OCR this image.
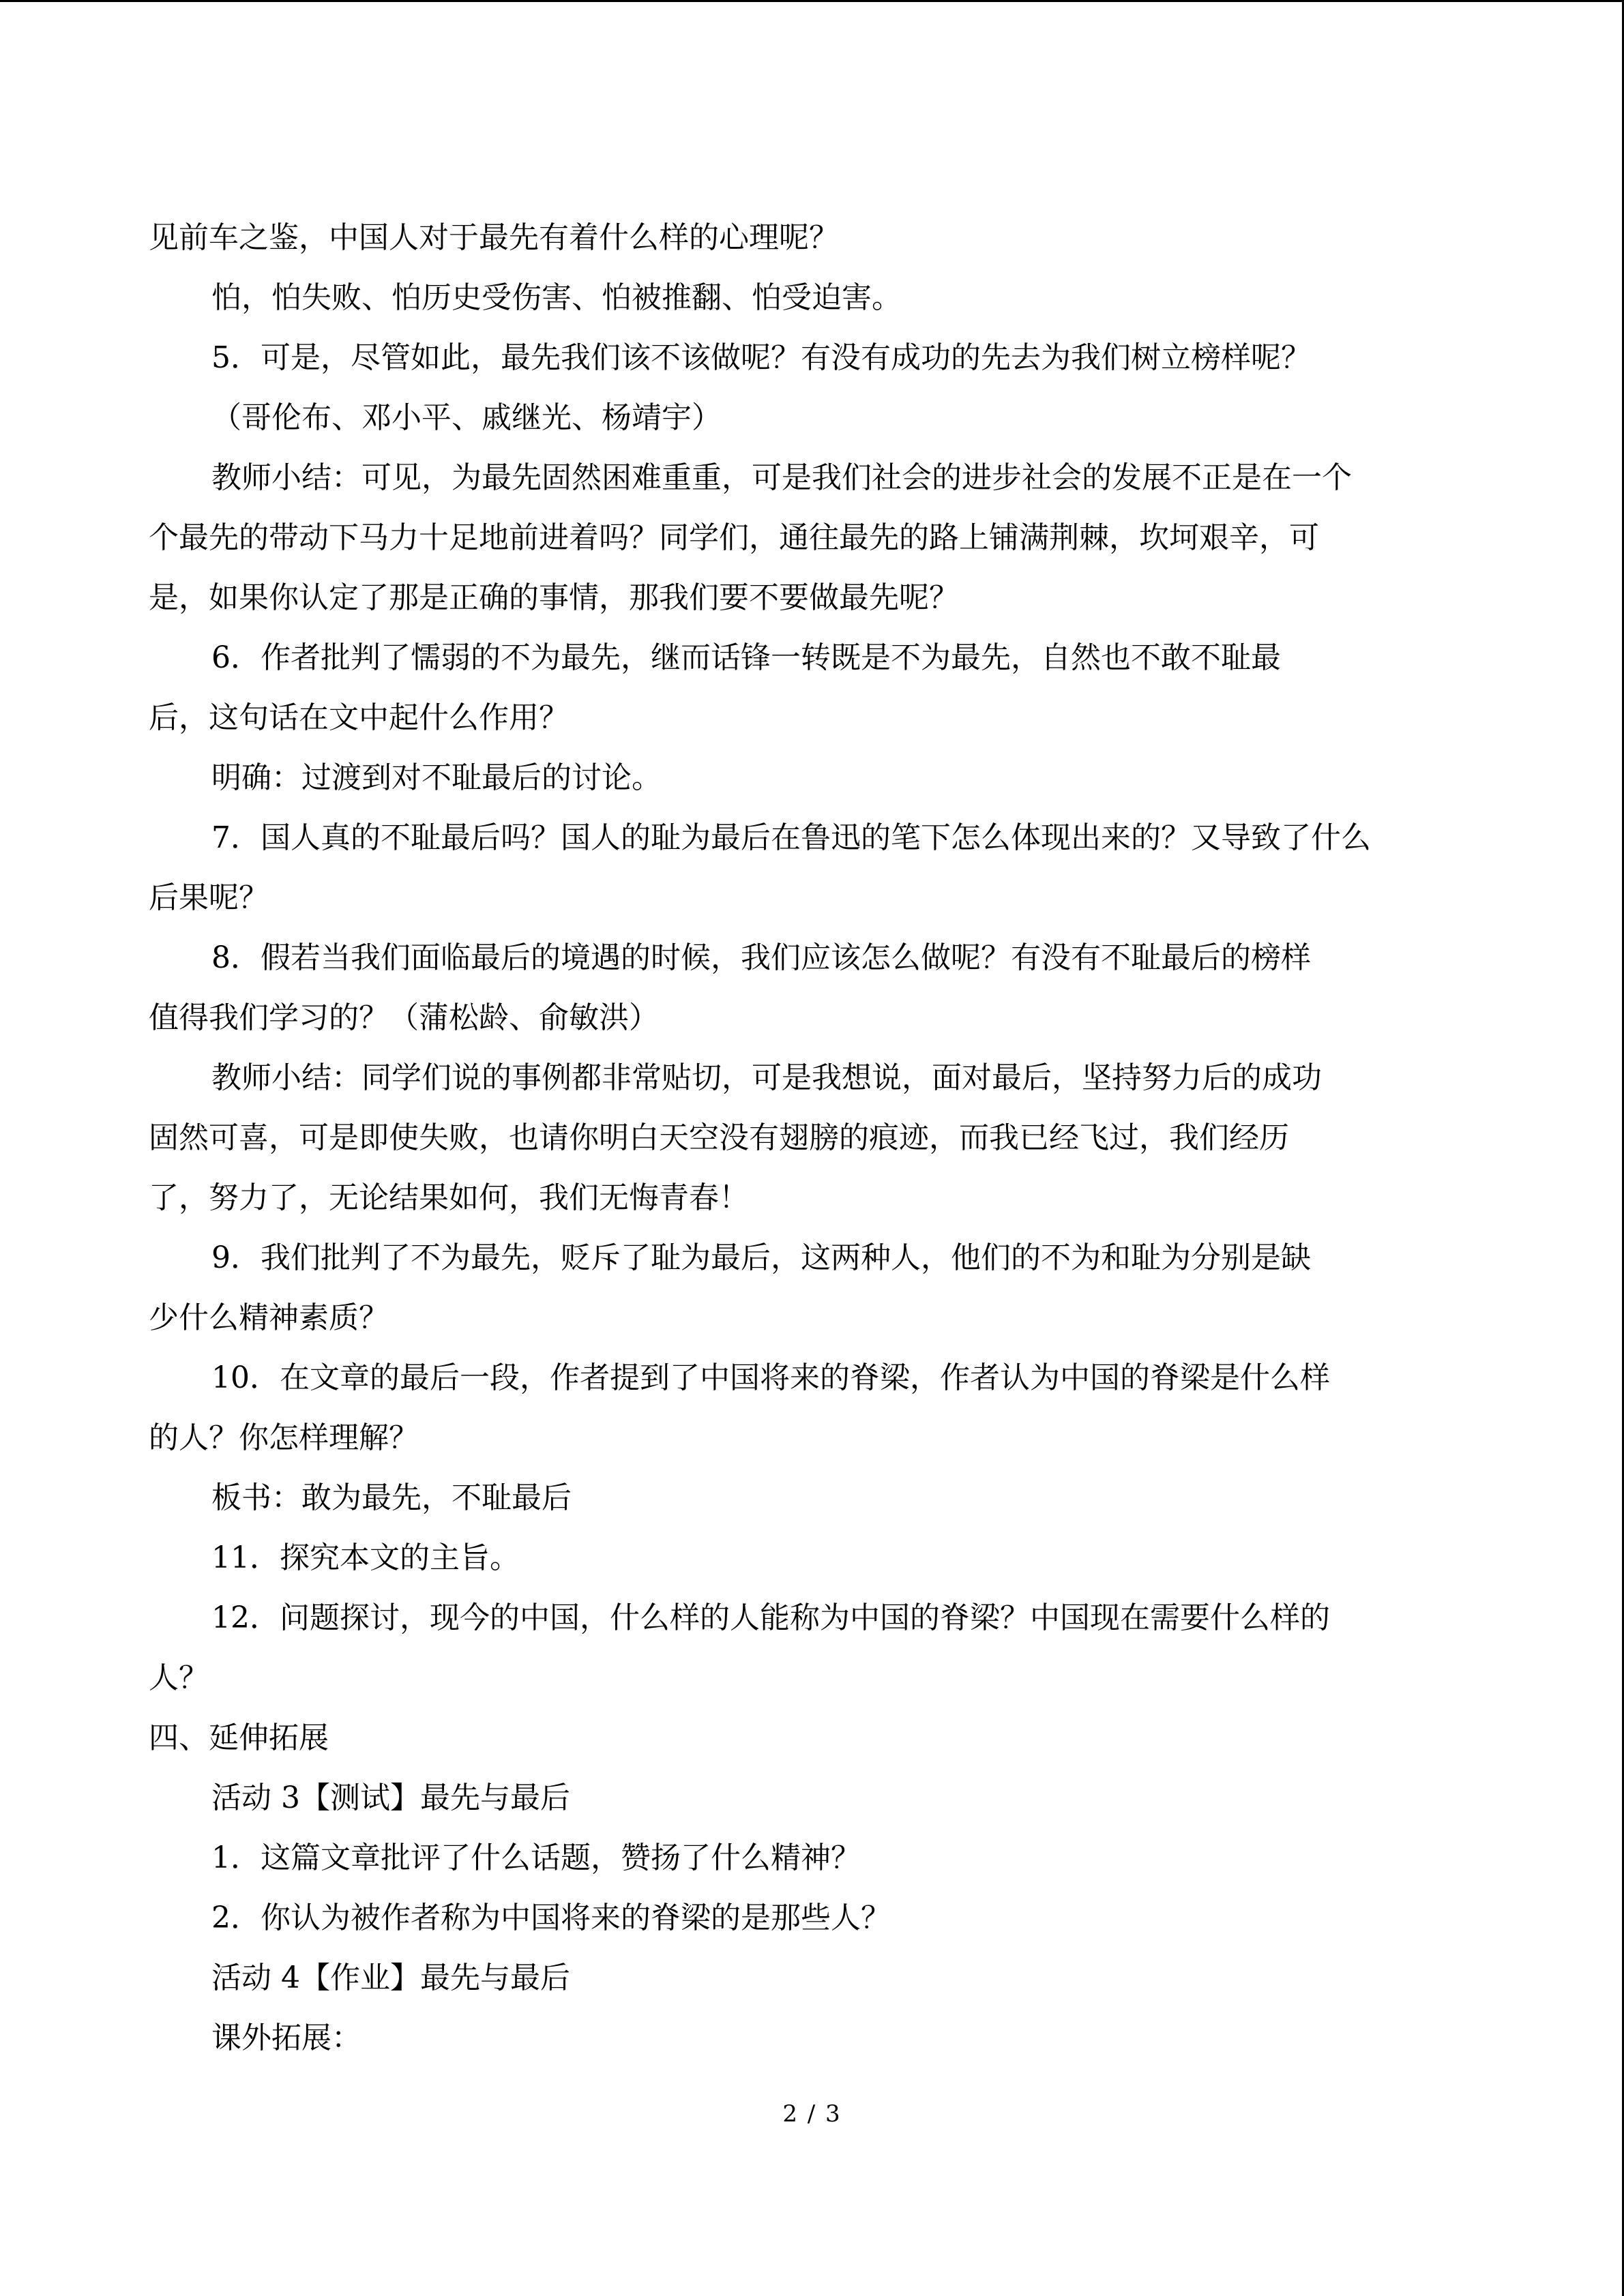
见前车之鉴，中国人对于最先有着什么样的心理呢？
怕，怕失败、怕历史受伤害、怕被推翻、怕受迫害。
5．可是，尽管如此，最先我们该不该做呢？有没有成功的先去为我们树立榜样呢？
（哥伦布、邓小平、戚继光、杨靖宇）
教师小结：可见，为最先固然困难重重，可是我们社会的进步社会的发展不正是在一个
个最先的带动下马力十足地前进着吗？同学们，通往最先的路上铺满荆棘，坎坷艰辛，可
是，如果你认定了那是正确的事情，那我们要不要做最先呢？
6．作者批判了懦弱的不为最先，继而话锋一转既是不为最先，自然也不敢不耻最
后，这句话在文中起什么作用？
明确：过渡到对不耻最后的讨论。
7．国人真的不耻最后吗？国人的耻为最后在鲁迅的笔下怎么体现出来的？又导致了什么
后果呢？
8．假若当我们面临最后的境遇的时候，我们应该怎么做呢？有没有不耻最后的榜样
值得我们学习的？（蒲松龄、俞敏洪）
教师小结：同学们说的事例都非常贴切，可是我想说，面对最后，坚持努力后的成功
固然可喜，可是即使失败，也请你明白天空没有翅膀的痕迹，而我已经飞过，我们经历
了，努力了，无论结果如何，我们无悔青春！
9．我们批判了不为最先，贬斥了耻为最后，这两种人，他们的不为和耻为分别是缺
少什么精神素质？
10．在文章的最后一段，作者提到了中国将来的脊梁，作者认为中国的脊梁是什么样
的人？你怎样理解？
板书：敢为最先，不耻最后
11．探究本文的主旨。
12．问题探讨，现今的中国，什么样的人能称为中国的脊梁？中国现在需要什么样的
人？
四、延伸拓展
活动 3【测试】最先与最后
1．这篇文章批评了什么话题，赞扬了什么精神？
2．你认为被作者称为中国将来的脊梁的是那些人？
活动 4【作业】最先与最后
课外拓展：
2 / 3
